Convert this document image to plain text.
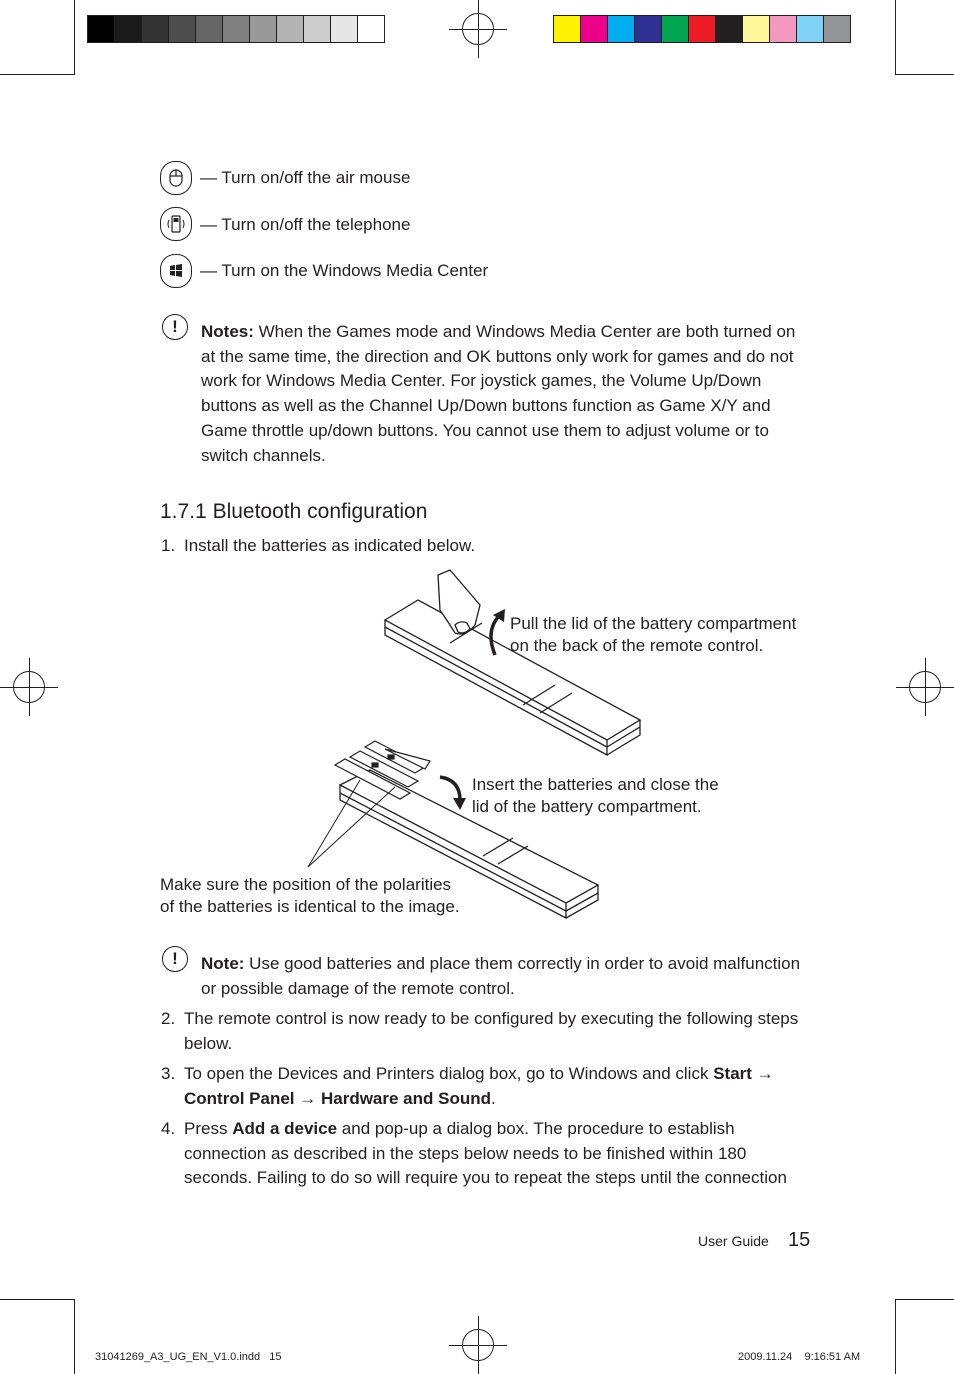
— Turn on/off the air mouse
— Turn on/off the telephone
— Turn on the Windows Media Center
!	Notes: When the Games mode and Windows Media Center are both turned on at the same time, the direction and OK buttons only work for games and do not work for Windows Media Center. For joystick games, the Volume Up/Down buttons as well as the Channel Up/Down buttons function as Game X/Y and Game throttle up/down buttons. You cannot use them to adjust volume or to switch channels.
1.7.1 Bluetooth configuration
1. Install the batteries as indicated below.
Pull the lid of the battery compartment
on the back of the remote control.
Insert the batteries and close the
lid of the battery compartment.
Make sure the position of the polarities
of the batteries is identical to the image.
!	Note: Use good batteries and place them correctly in order to avoid malfunction or possible damage of the remote control.
2. The remote control is now ready to be configured by executing the following steps below.
3. To open the Devices and Printers dialog box, go to Windows and click Start → Control Panel → Hardware and Sound.
4. Press Add a device and pop-up a dialog box. The procedure to establish connection as described in the steps below needs to be finished within 180 seconds. Failing to do so will require you to repeat the steps until the connection
User Guide 15
31041269_A3_UG_EN_V1.0.indd   15	2009.11.24    9:16:51 AM
